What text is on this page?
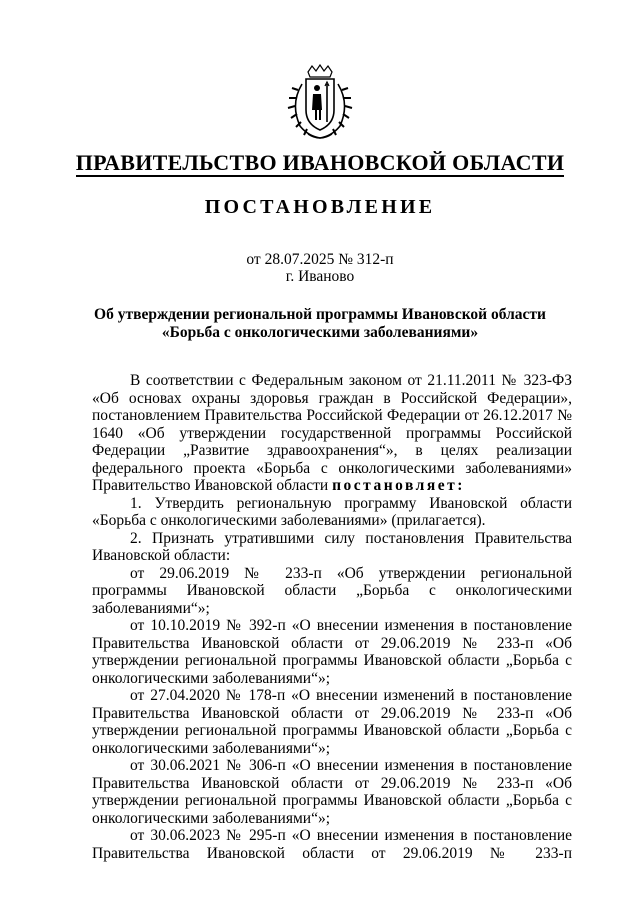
ПРАВИТЕЛЬСТВО ИВАНОВСКОЙ ОБЛАСТИ
ПОСТАНОВЛЕНИЕ
от 28.07.2025 № 312-п
г. Иваново
Об утверждении региональной программы Ивановской области
«Борьба с онкологическими заболеваниями»

В соответствии с Федеральным законом от 21.11.2011 № 323-ФЗ «Об основах охраны здоровья граждан в Российской Федерации», постановлением Правительства Российской Федерации от 26.12.2017 № 1640 «Об утверждении государственной программы Российской Федерации „Развитие здравоохранения“», в целях реализации федерального проекта «Борьба с онкологическими заболеваниями» Правительство Ивановской области постановляет:

1. Утвердить региональную программу Ивановской области «Борьба с онкологическими заболеваниями» (прилагается).

2. Признать утратившими силу постановления Правительства Ивановской области:

от 29.06.2019 № 233-п «Об утверждении региональной программы Ивановской области „Борьба с онкологическими заболеваниями“»;

от 10.10.2019 № 392-п «О внесении изменения в постановление Правительства Ивановской области от 29.06.2019 № 233-п «Об утверждении региональной программы Ивановской области „Борьба с онкологическими заболеваниями“»;

от 27.04.2020 № 178-п «О внесении изменений в постановление Правительства Ивановской области от 29.06.2019 № 233-п «Об утверждении региональной программы Ивановской области „Борьба с онкологическими заболеваниями“»;

от 30.06.2021 № 306-п «О внесении изменения в постановление Правительства Ивановской области от 29.06.2019 № 233-п «Об утверждении региональной программы Ивановской области „Борьба с онкологическими заболеваниями“»;

от 30.06.2023 № 295-п «О внесении изменения в постановление Правительства Ивановской области от 29.06.2019 № 233-п
